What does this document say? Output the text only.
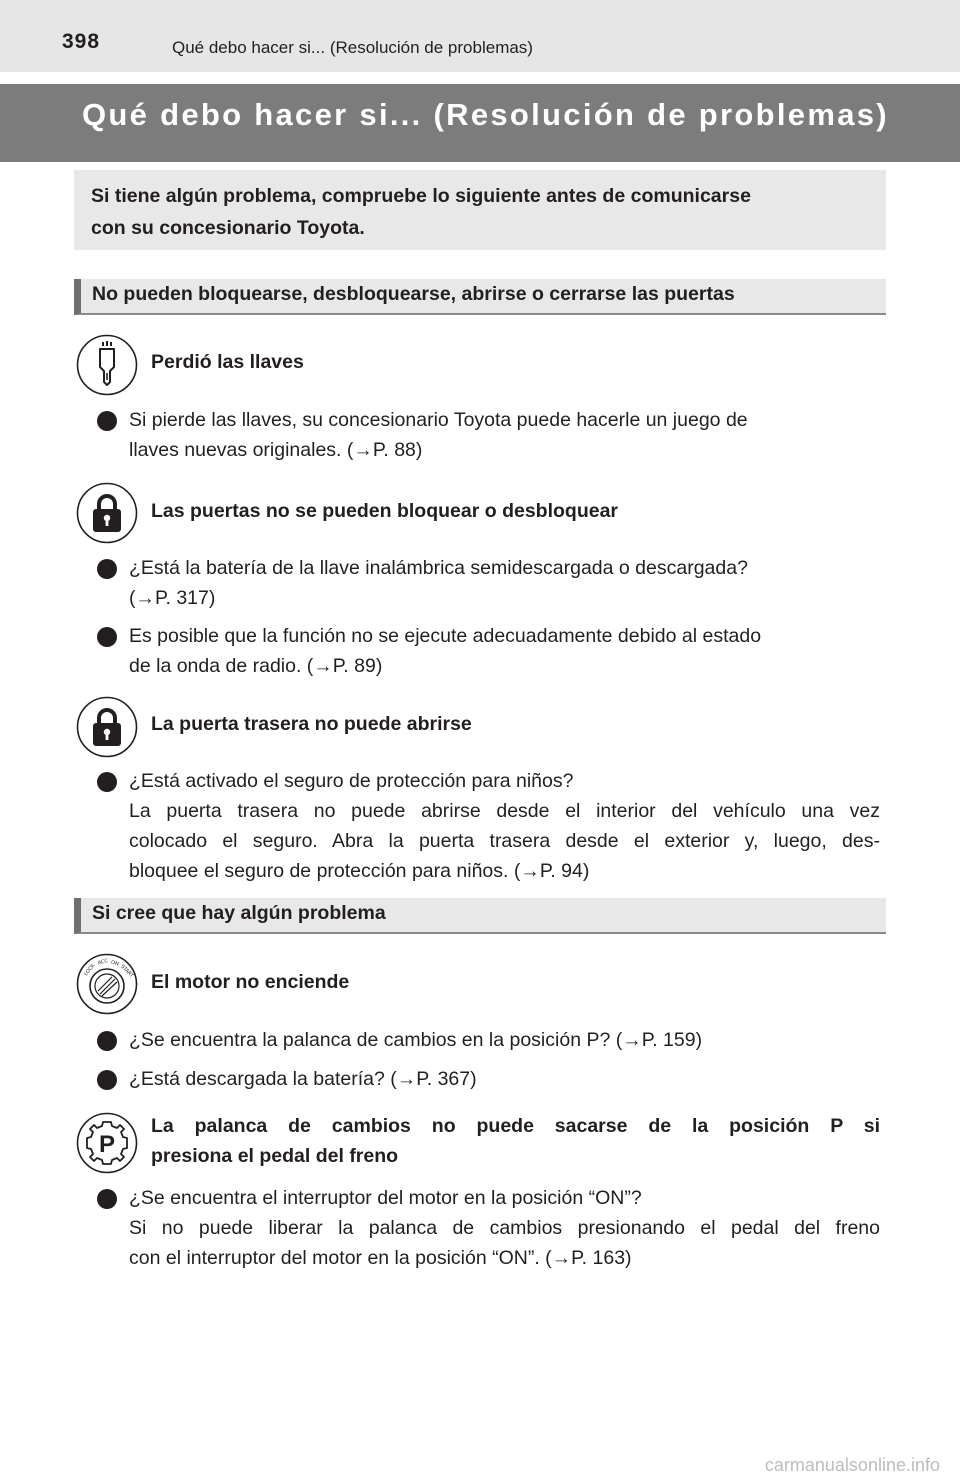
398	Qué debo hacer si... (Resolución de problemas)
Qué debo hacer si... (Resolución de problemas)
Si tiene algún problema, compruebe lo siguiente antes de comunicarse
con su concesionario Toyota.
No pueden bloquearse, desbloquearse, abrirse o cerrarse las puertas
Perdió las llaves
Si pierde las llaves, su concesionario Toyota puede hacerle un juego de
llaves nuevas originales. (→P. 88)
Las puertas no se pueden bloquear o desbloquear
¿Está la batería de la llave inalámbrica semidescargada o descargada?
(→P. 317)
Es posible que la función no se ejecute adecuadamente debido al estado
de la onda de radio. (→P. 89)
La puerta trasera no puede abrirse
¿Está activado el seguro de protección para niños?
La puerta trasera no puede abrirse desde el interior del vehículo una vez
colocado el seguro. Abra la puerta trasera desde el exterior y, luego, des-
bloquee el seguro de protección para niños. (→P. 94)
Si cree que hay algún problema
LOCK
ACC ON
START El motor no enciende
¿Se encuentra la palanca de cambios en la posición P? (→P. 159)
¿Está descargada la batería? (→P. 367)
P
La palanca de cambios no puede sacarse de la posición P si
presiona el pedal del freno
¿Se encuentra el interruptor del motor en la posición “ON”?
Si no puede liberar la palanca de cambios presionando el pedal del freno
con el interruptor del motor en la posición “ON”. (→P. 163)
carmanualsonline.info
